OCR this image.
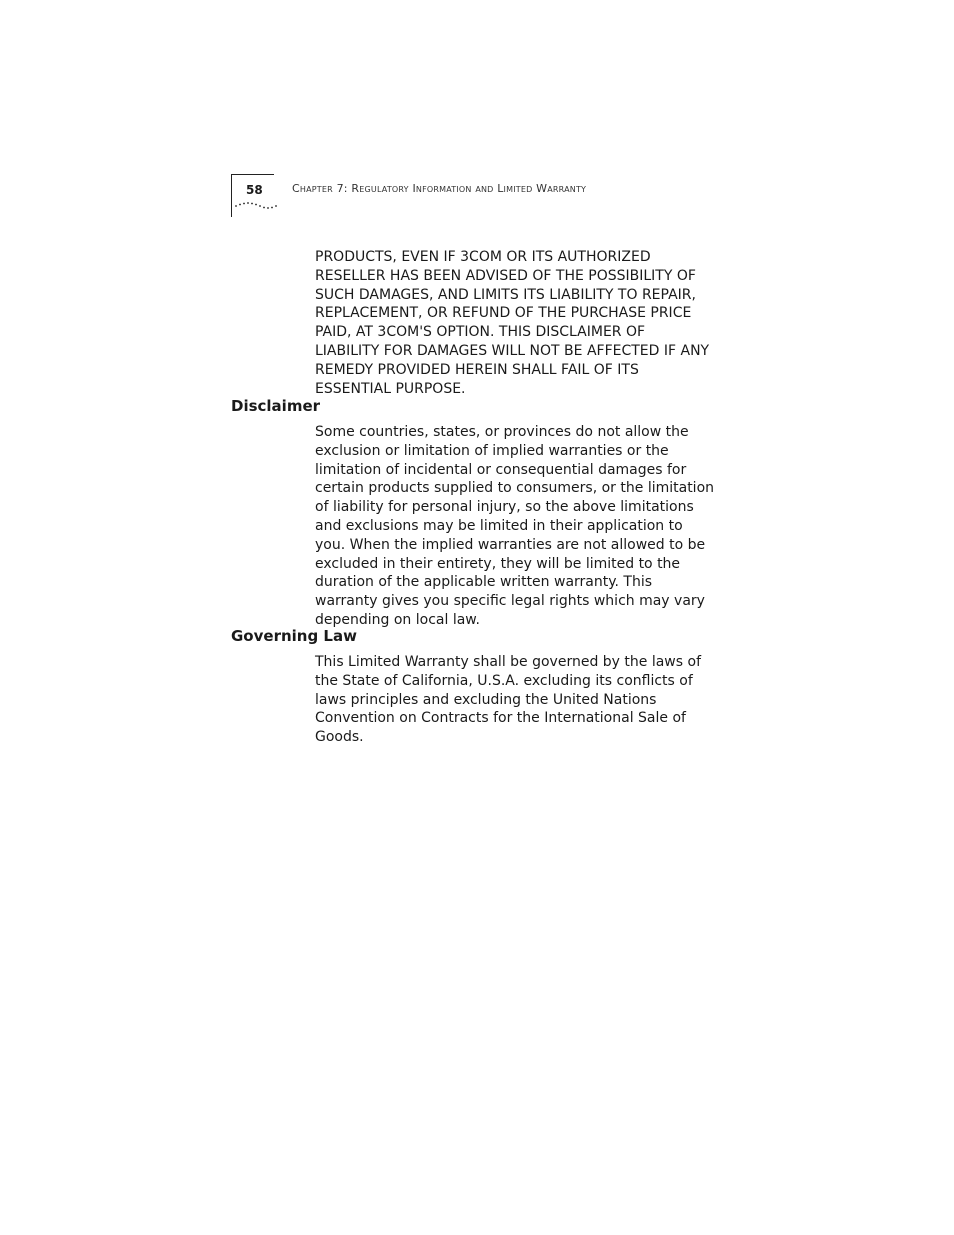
58	Chapter 7: Regulatory Information and Limited Warranty

PRODUCTS, EVEN IF 3COM OR ITS AUTHORIZED RESELLER HAS BEEN ADVISED OF THE POSSIBILITY OF SUCH DAMAGES, AND LIMITS ITS LIABILITY TO REPAIR, REPLACEMENT, OR REFUND OF THE PURCHASE PRICE PAID, AT 3COM'S OPTION. THIS DISCLAIMER OF LIABILITY FOR DAMAGES WILL NOT BE AFFECTED IF ANY REMEDY PROVIDED HEREIN SHALL FAIL OF ITS ESSENTIAL PURPOSE.

Disclaimer

Some countries, states, or provinces do not allow the exclusion or limitation of implied warranties or the limitation of incidental or consequential damages for certain products supplied to consumers, or the limitation of liability for personal injury, so the above limitations and exclusions may be limited in their application to you. When the implied warranties are not allowed to be excluded in their entirety, they will be limited to the duration of the applicable written warranty. This warranty gives you specific legal rights which may vary depending on local law.

Governing Law

This Limited Warranty shall be governed by the laws of the State of California, U.S.A. excluding its conflicts of laws principles and excluding the United Nations Convention on Contracts for the International Sale of Goods.
